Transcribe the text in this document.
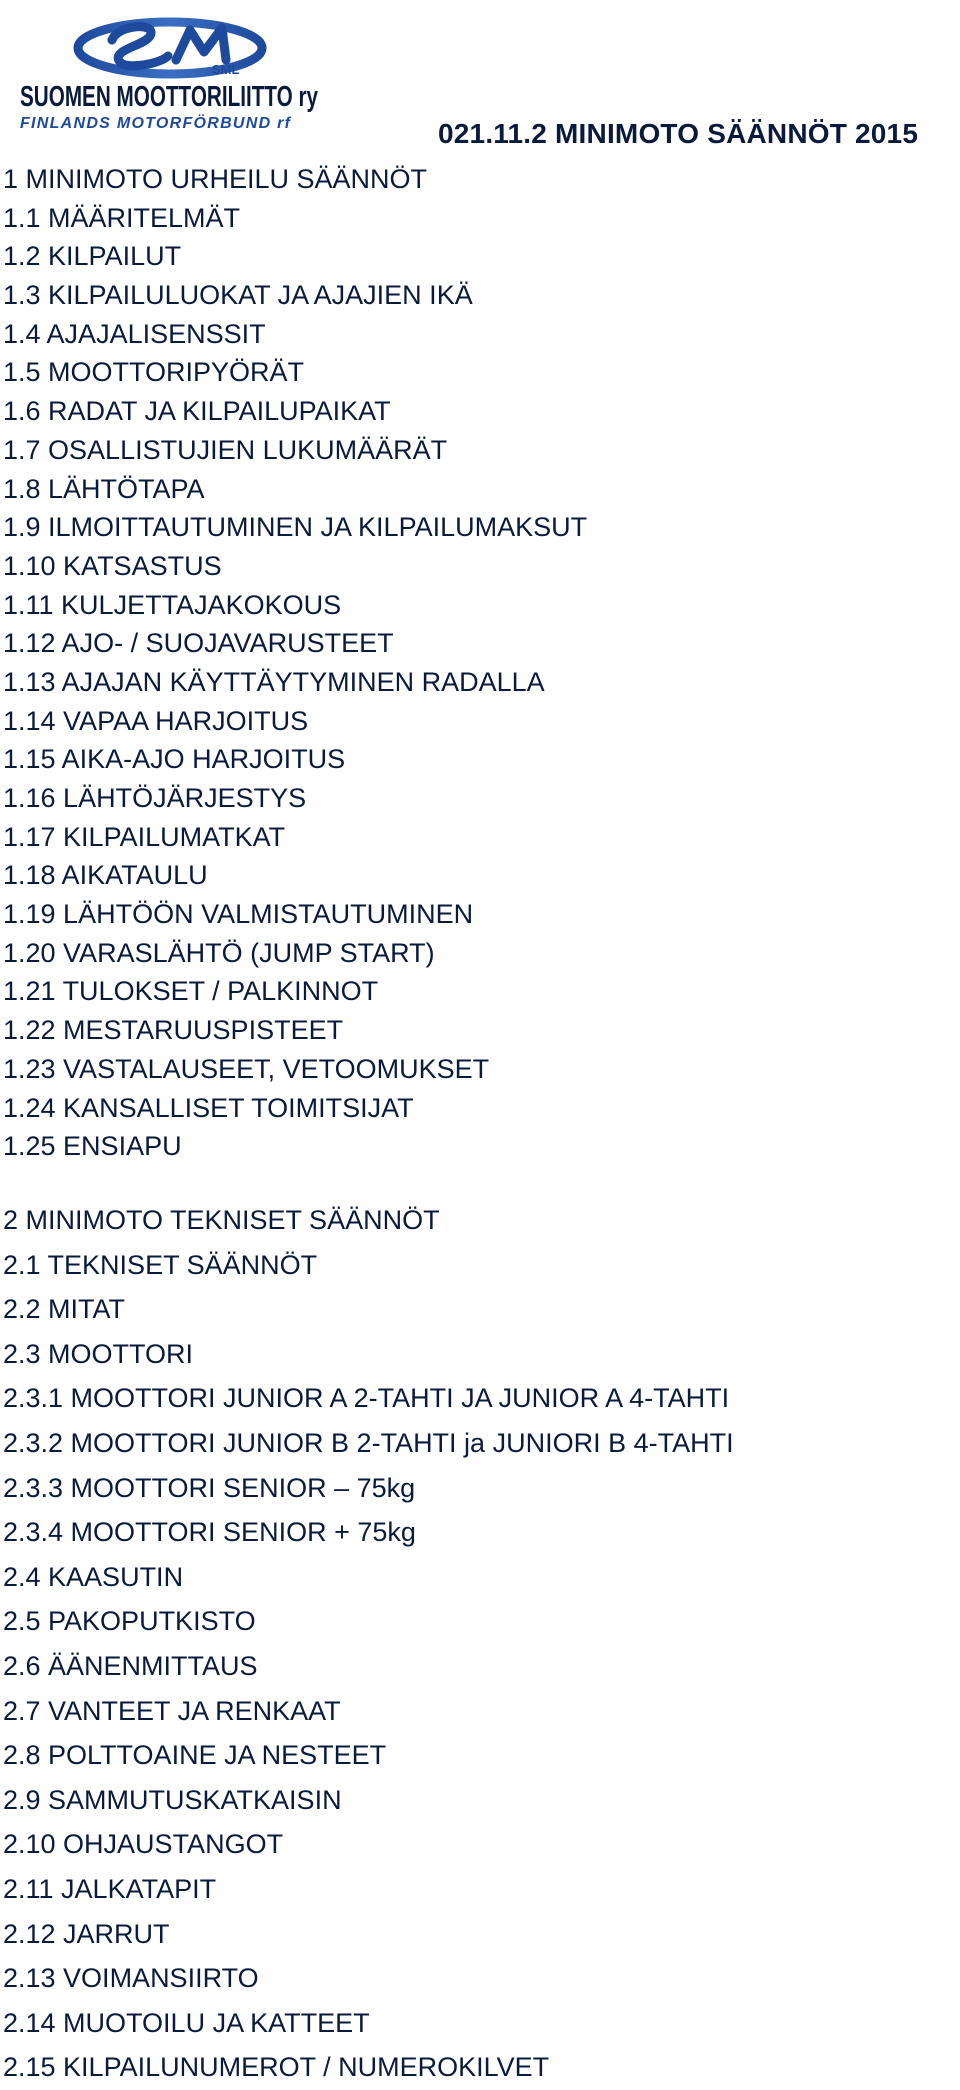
SML
SUOMEN MOOTTORILIITTO ry
FINLANDS MOTORFÖRBUND rf	021.11.2 MINIMOTO SÄÄNNÖT 2015
1 MINIMOTO URHEILU SÄÄNNÖT
1.1 MÄÄRITELMÄT
1.2 KILPAILUT
1.3 KILPAILULUOKAT JA AJAJIEN IKÄ
1.4 AJAJALISENSSIT
1.5 MOOTTORIPYÖRÄT
1.6 RADAT JA KILPAILUPAIKAT
1.7 OSALLISTUJIEN LUKUMÄÄRÄT
1.8 LÄHTÖTAPA
1.9 ILMOITTAUTUMINEN JA KILPAILUMAKSUT
1.10 KATSASTUS
1.11 KULJETTAJAKOKOUS
1.12 AJO- / SUOJAVARUSTEET
1.13 AJAJAN KÄYTTÄYTYMINEN RADALLA
1.14 VAPAA HARJOITUS
1.15 AIKA-AJO HARJOITUS
1.16 LÄHTÖJÄRJESTYS
1.17 KILPAILUMATKAT
1.18 AIKATAULU
1.19 LÄHTÖÖN VALMISTAUTUMINEN
1.20 VARASLÄHTÖ (JUMP START)
1.21 TULOKSET / PALKINNOT
1.22 MESTARUUSPISTEET
1.23 VASTALAUSEET, VETOOMUKSET
1.24 KANSALLISET TOIMITSIJAT
1.25 ENSIAPU
2 MINIMOTO TEKNISET SÄÄNNÖT
2.1 TEKNISET SÄÄNNÖT
2.2 MITAT
2.3 MOOTTORI
2.3.1 MOOTTORI JUNIOR A 2-TAHTI JA JUNIOR A 4-TAHTI
2.3.2 MOOTTORI JUNIOR B 2-TAHTI ja JUNIORI B 4-TAHTI
2.3.3 MOOTTORI SENIOR – 75kg
2.3.4 MOOTTORI SENIOR + 75kg
2.4 KAASUTIN
2.5 PAKOPUTKISTO
2.6 ÄÄNENMITTAUS
2.7 VANTEET JA RENKAAT
2.8 POLTTOAINE JA NESTEET
2.9 SAMMUTUSKATKAISIN
2.10 OHJAUSTANGOT
2.11 JALKATAPIT
2.12 JARRUT
2.13 VOIMANSIIRTO
2.14 MUOTOILU JA KATTEET
2.15 KILPAILUNUMEROT / NUMEROKILVET
